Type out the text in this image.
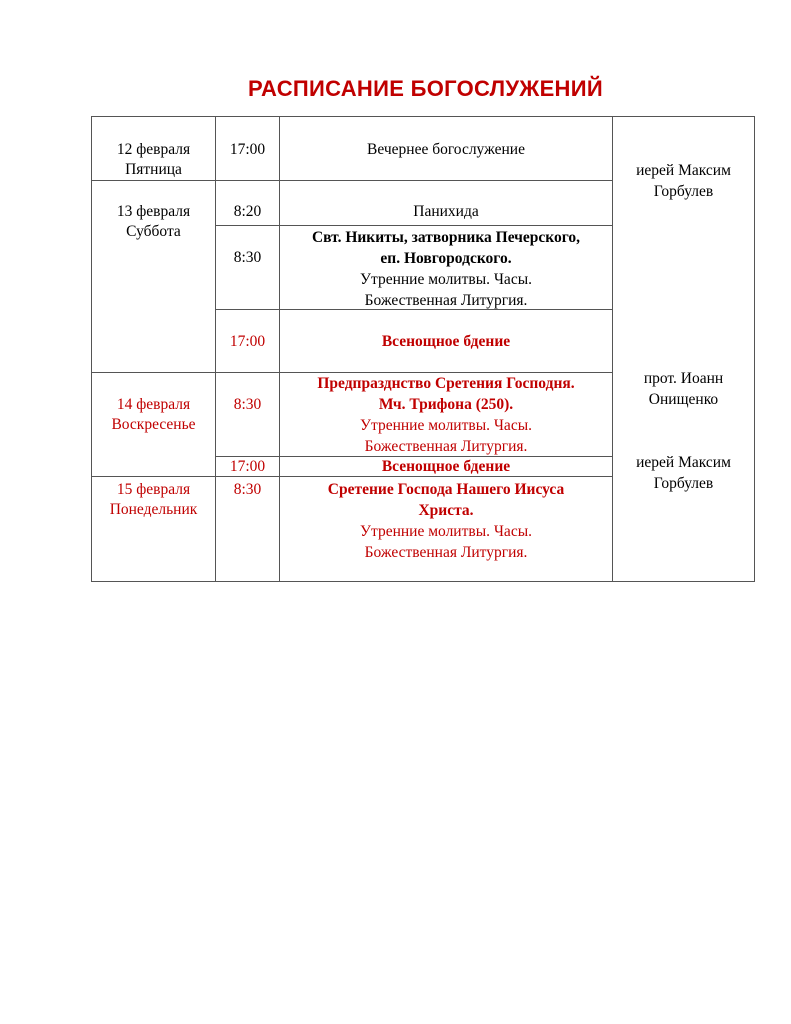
РАСПИСАНИЕ БОГОСЛУЖЕНИЙ
12 февраля
Пятница
13 февраля
Суббота
14 февраля
Воскресенье
15 февраля
Понедельник
17:00
8:20
8:30
17:00
8:30
17:00
8:30
Вечернее богослужение
Панихида
Свт. Никиты, затворника Печерского,
еп. Новгородского.
Утренние молитвы. Часы.
Божественная Литургия.
Всенощное бдение
Предпразднство Сретения Господня.
Мч. Трифона (250).
Утренние молитвы. Часы.
Божественная Литургия.
Всенощное бдение
Сретение Господа Нашего Иисуса
Христа.
Утренние молитвы. Часы.
Божественная Литургия.
иерей Максим
Горбулев
прот. Иоанн
Онищенко
иерей Максим
Горбулев
